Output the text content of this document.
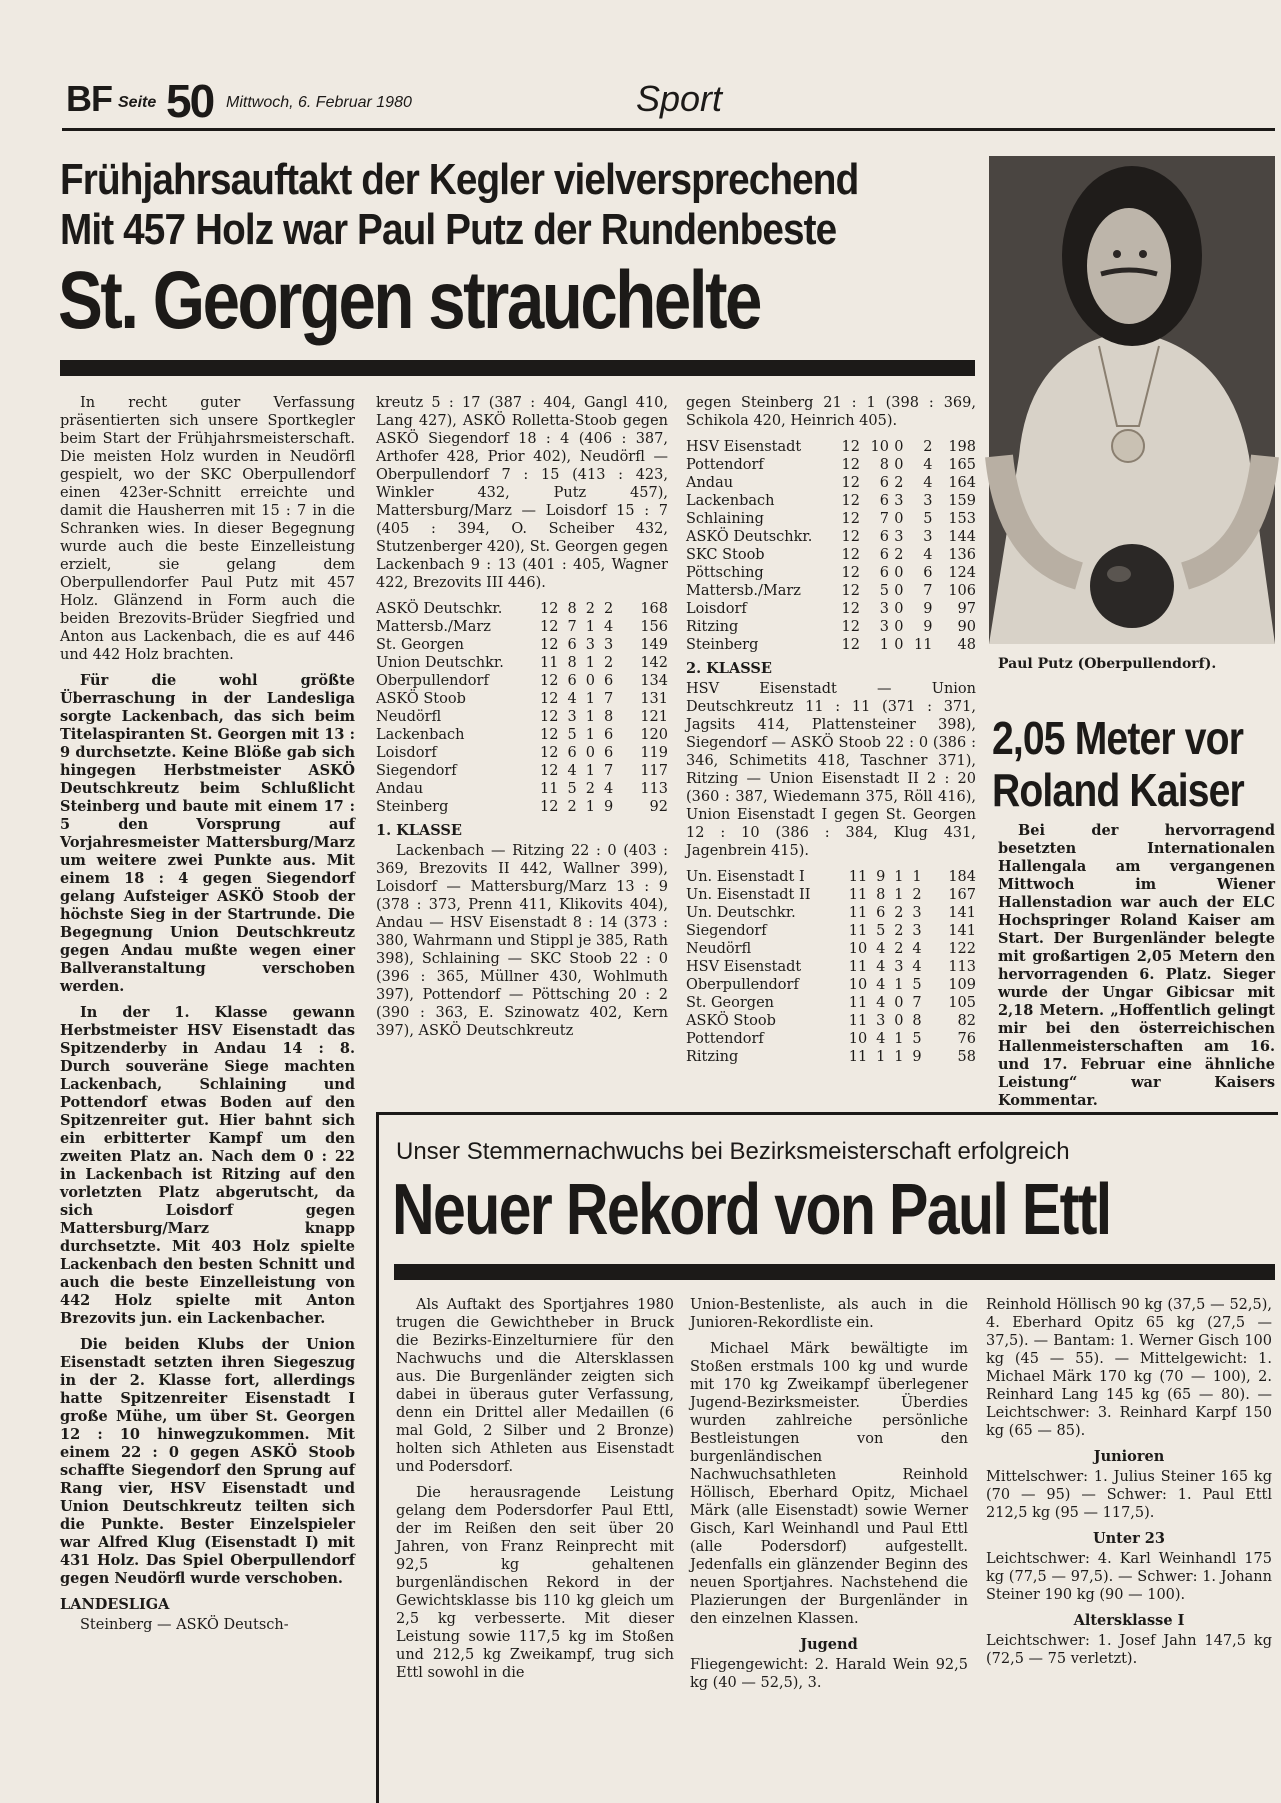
BF Seite 50 Mittwoch, 6. Februar 1980	Sport
Frühjahrsauftakt der Kegler vielversprechend
Mit 457 Holz war Paul Putz der Rundenbeste
St. Georgen strauchelte

In recht guter Verfassung präsentierten sich unsere Sportkegler beim Start der Frühjahrsmeisterschaft. Die meisten Holz wurden in Neudörfl gespielt, wo der SKC Oberpullendorf einen 423er-Schnitt erreichte und damit die Hausherren mit 15 : 7 in die Schranken wies. In dieser Begegnung wurde auch die beste Einzelleistung erzielt, sie gelang dem Oberpullendorfer Paul Putz mit 457 Holz. Glänzend in Form auch die beiden Brezovits-Brüder Siegfried und Anton aus Lackenbach, die es auf 446 und 442 Holz brachten.

Für die wohl größte Überraschung in der Landesliga sorgte Lackenbach, das sich beim Titelaspiranten St. Georgen mit 13 : 9 durchsetzte. Keine Blöße gab sich hingegen Herbstmeister ASKÖ Deutschkreutz beim Schlußlicht Steinberg und baute mit einem 17 : 5 den Vorsprung auf Vorjahresmeister Mattersburg/Marz um weitere zwei Punkte aus. Mit einem 18 : 4 gegen Siegendorf gelang Aufsteiger ASKÖ Stoob der höchste Sieg in der Startrunde. Die Begegnung Union Deutschkreutz gegen Andau mußte wegen einer Ballveranstaltung verschoben werden.

In der 1. Klasse gewann Herbstmeister HSV Eisenstadt das Spitzenderby in Andau 14 : 8. Durch souveräne Siege machten Lackenbach, Schlaining und Pottendorf etwas Boden auf den Spitzenreiter gut. Hier bahnt sich ein erbitterter Kampf um den zweiten Platz an. Nach dem 0 : 22 in Lackenbach ist Ritzing auf den vorletzten Platz abgerutscht, da sich Loisdorf gegen Mattersburg/Marz knapp durchsetzte. Mit 403 Holz spielte Lackenbach den besten Schnitt und auch die beste Einzelleistung von 442 Holz spielte mit Anton Brezovits jun. ein Lackenbacher.

Die beiden Klubs der Union Eisenstadt setzten ihren Siegeszug in der 2. Klasse fort, allerdings hatte Spitzenreiter Eisenstadt I große Mühe, um über St. Georgen 12 : 10 hinwegzukommen. Mit einem 22 : 0 gegen ASKÖ Stoob schaffte Siegendorf den Sprung auf Rang vier, HSV Eisenstadt und Union Deutschkreutz teilten sich die Punkte. Bester Einzelspieler war Alfred Klug (Eisenstadt I) mit 431 Holz. Das Spiel Oberpullendorf gegen Neudörfl wurde verschoben.

LANDESLIGA

Steinberg — ASKÖ Deutsch-

kreutz 5 : 17 (387 : 404, Gangl 410, Lang 427), ASKÖ Rolletta-Stoob gegen ASKÖ Siegendorf 18 : 4 (406 : 387, Arthofer 428, Prior 402), Neudörfl — Oberpullendorf 7 : 15 (413 : 423, Winkler 432, Putz 457), Mattersburg/Marz — Loisdorf 15 : 7 (405 : 394, O. Scheiber 432, Stutzenberger 420), St. Georgen gegen Lackenbach 9 : 13 (401 : 405, Wagner 422, Brezovits III 446).

ASKÖ Deutschkr.	12	8	2	2	168
Mattersb./Marz	12	7	1	4	156
St. Georgen	12	6	3	3	149
Union Deutschkr.	11	8	1	2	142
Oberpullendorf	12	6	0	6	134
ASKÖ Stoob	12	4	1	7	131
Neudörfl	12	3	1	8	121
Lackenbach	12	5	1	6	120
Loisdorf	12	6	0	6	119
Siegendorf	12	4	1	7	117
Andau	11	5	2	4	113
Steinberg	12	2	1	9	92
1. KLASSE

Lackenbach — Ritzing 22 : 0 (403 : 369, Brezovits II 442, Wallner 399), Loisdorf — Mattersburg/Marz 13 : 9 (378 : 373, Prenn 411, Klikovits 404), Andau — HSV Eisenstadt 8 : 14 (373 : 380, Wahrmann und Stippl je 385, Rath 398), Schlaining — SKC Stoob 22 : 0 (396 : 365, Müllner 430, Wohlmuth 397), Pottendorf — Pöttsching 20 : 2 (390 : 363, E. Szinowatz 402, Kern 397), ASKÖ Deutschkreutz

gegen Steinberg 21 : 1 (398 : 369, Schikola 420, Heinrich 405).

HSV Eisenstadt	12	10	0	2	198
Pottendorf	12	8	0	4	165
Andau	12	6	2	4	164
Lackenbach	12	6	3	3	159
Schlaining	12	7	0	5	153
ASKÖ Deutschkr.	12	6	3	3	144
SKC Stoob	12	6	2	4	136
Pöttsching	12	6	0	6	124
Mattersb./Marz	12	5	0	7	106
Loisdorf	12	3	0	9	97
Ritzing	12	3	0	9	90
Steinberg	12	1	0	11	48
2. KLASSE

HSV Eisenstadt — Union Deutschkreutz 11 : 11 (371 : 371, Jagsits 414, Plattensteiner 398), Siegendorf — ASKÖ Stoob 22 : 0 (386 : 346, Schimetits 418, Taschner 371), Ritzing — Union Eisenstadt II 2 : 20 (360 : 387, Wiedemann 375, Röll 416), Union Eisenstadt I gegen St. Georgen 12 : 10 (386 : 384, Klug 431, Jagenbrein 415).

Un. Eisenstadt I	11	9	1	1	184
Un. Eisenstadt II	11	8	1	2	167
Un. Deutschkr.	11	6	2	3	141
Siegendorf	11	5	2	3	141
Neudörfl	10	4	2	4	122
HSV Eisenstadt	11	4	3	4	113
Oberpullendorf	10	4	1	5	109
St. Georgen	11	4	0	7	105
ASKÖ Stoob	11	3	0	8	82
Pottendorf	10	4	1	5	76
Ritzing	11	1	1	9	58
Paul Putz (Oberpullendorf).
2,05 Meter vor
Roland Kaiser

Bei der hervorragend besetzten Internationalen Hallengala am vergangenen Mittwoch im Wiener Hallenstadion war auch der ELC Hochspringer Roland Kaiser am Start. Der Burgenländer belegte mit großartigen 2,05 Metern den hervorragenden 6. Platz. Sieger wurde der Ungar Gibicsar mit 2,18 Metern. „Hoffentlich gelingt mir bei den österreichischen Hallenmeisterschaften am 16. und 17. Februar eine ähnliche Leistung“ war Kaisers Kommentar.

Unser Stemmernachwuchs bei Bezirksmeisterschaft erfolgreich
Neuer Rekord von Paul Ettl

Als Auftakt des Sportjahres 1980 trugen die Gewichtheber in Bruck die Bezirks-Einzelturniere für den Nachwuchs und die Altersklassen aus. Die Burgenländer zeigten sich dabei in überaus guter Verfassung, denn ein Drittel aller Medaillen (6 mal Gold, 2 Silber und 2 Bronze) holten sich Athleten aus Eisenstadt und Podersdorf.

Die herausragende Leistung gelang dem Podersdorfer Paul Ettl, der im Reißen den seit über 20 Jahren, von Franz Reinprecht mit 92,5 kg gehaltenen burgenländischen Rekord in der Gewichtsklasse bis 110 kg gleich um 2,5 kg verbesserte. Mit dieser Leistung sowie 117,5 kg im Stoßen und 212,5 kg Zweikampf, trug sich Ettl sowohl in die

Union-Bestenliste, als auch in die Junioren-Rekordliste ein.

Michael Märk bewältigte im Stoßen erstmals 100 kg und wurde mit 170 kg Zweikampf überlegener Jugend-Bezirksmeister. Überdies wurden zahlreiche persönliche Bestleistungen von den burgenländischen Nachwuchsathleten Reinhold Höllisch, Eberhard Opitz, Michael Märk (alle Eisenstadt) sowie Werner Gisch, Karl Weinhandl und Paul Ettl (alle Podersdorf) aufgestellt. Jedenfalls ein glänzender Beginn des neuen Sportjahres. Nachstehend die Plazierungen der Burgenländer in den einzelnen Klassen.

Jugend

Fliegengewicht: 2. Harald Wein 92,5 kg (40 — 52,5), 3.

Reinhold Höllisch 90 kg (37,5 — 52,5), 4. Eberhard Opitz 65 kg (27,5 — 37,5). — Bantam: 1. Werner Gisch 100 kg (45 — 55). — Mittelgewicht: 1. Michael Märk 170 kg (70 — 100), 2. Reinhard Lang 145 kg (65 — 80). — Leichtschwer: 3. Reinhard Karpf 150 kg (65 — 85).

Junioren

Mittelschwer: 1. Julius Steiner 165 kg (70 — 95) — Schwer: 1. Paul Ettl 212,5 kg (95 — 117,5).

Unter 23

Leichtschwer: 4. Karl Weinhandl 175 kg (77,5 — 97,5). — Schwer: 1. Johann Steiner 190 kg (90 — 100).

Altersklasse I

Leichtschwer: 1. Josef Jahn 147,5 kg (72,5 — 75 verletzt).
